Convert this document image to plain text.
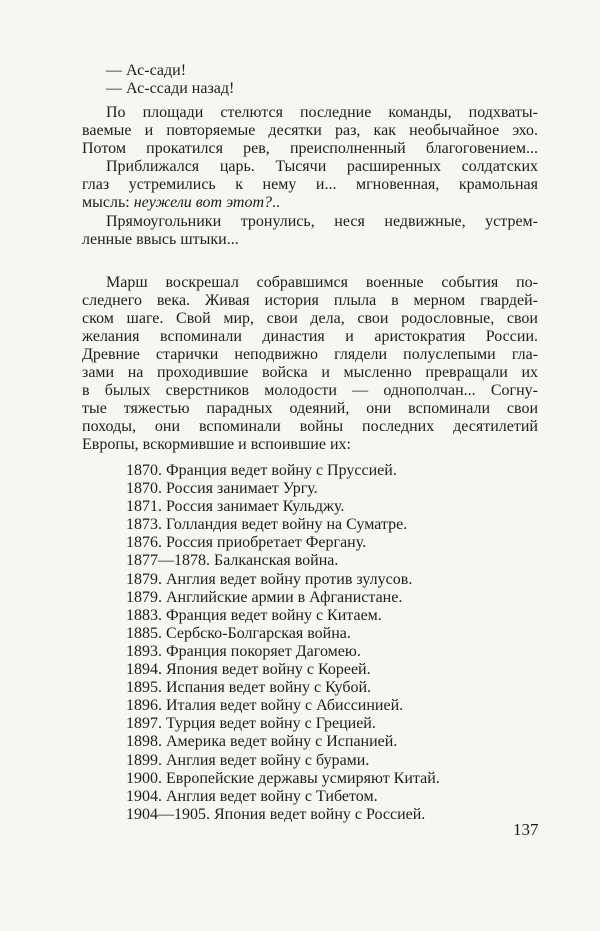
— Ас-сади!
— Ас-ссади назад!
По площади стелются последние команды, подхваты-
ваемые и повторяемые десятки раз, как необычайное эхо.
Потом прокатился рев, преисполненный благоговением...
Приближался царь. Тысячи расширенных солдатских
глаз устремились к нему и... мгновенная, крамольная
мысль: неужели вот этот?..
Прямоугольники тронулись, неся недвижные, устрем-
ленные ввысь штыки...
Марш воскрешал собравшимся военные события по-
следнего века. Живая история плыла в мерном гвардей-
ском шаге. Свой мир, свои дела, свои родословные, свои
желания вспоминали династия и аристократия России.
Древние старички неподвижно глядели полуслепыми гла-
зами на проходившие войска и мысленно превращали их
в былых сверстников молодости — однополчан... Согну-
тые тяжестью парадных одеяний, они вспоминали свои
походы, они вспоминали войны последних десятилетий
Европы, вскормившие и вспоившие их:
1870. Франция ведет войну с Пруссией.
1870. Россия занимает Ургу.
1871. Россия занимает Кульджу.
1873. Голландия ведет войну на Суматре.
1876. Россия приобретает Фергану.
1877—1878. Балканская война.
1879. Англия ведет войну против зулусов.
1879. Английские армии в Афганистане.
1883. Франция ведет войну с Китаем.
1885. Сербско-Болгарская война.
1893. Франция покоряет Дагомею.
1894. Япония ведет войну с Кореей.
1895. Испания ведет войну с Кубой.
1896. Италия ведет войну с Абиссинией.
1897. Турция ведет войну с Грецией.
1898. Америка ведет войну с Испанией.
1899. Англия ведет войну с бурами.
1900. Европейские державы усмиряют Китай.
1904. Англия ведет войну с Тибетом.
1904—1905. Япония ведет войну с Россией.
137
